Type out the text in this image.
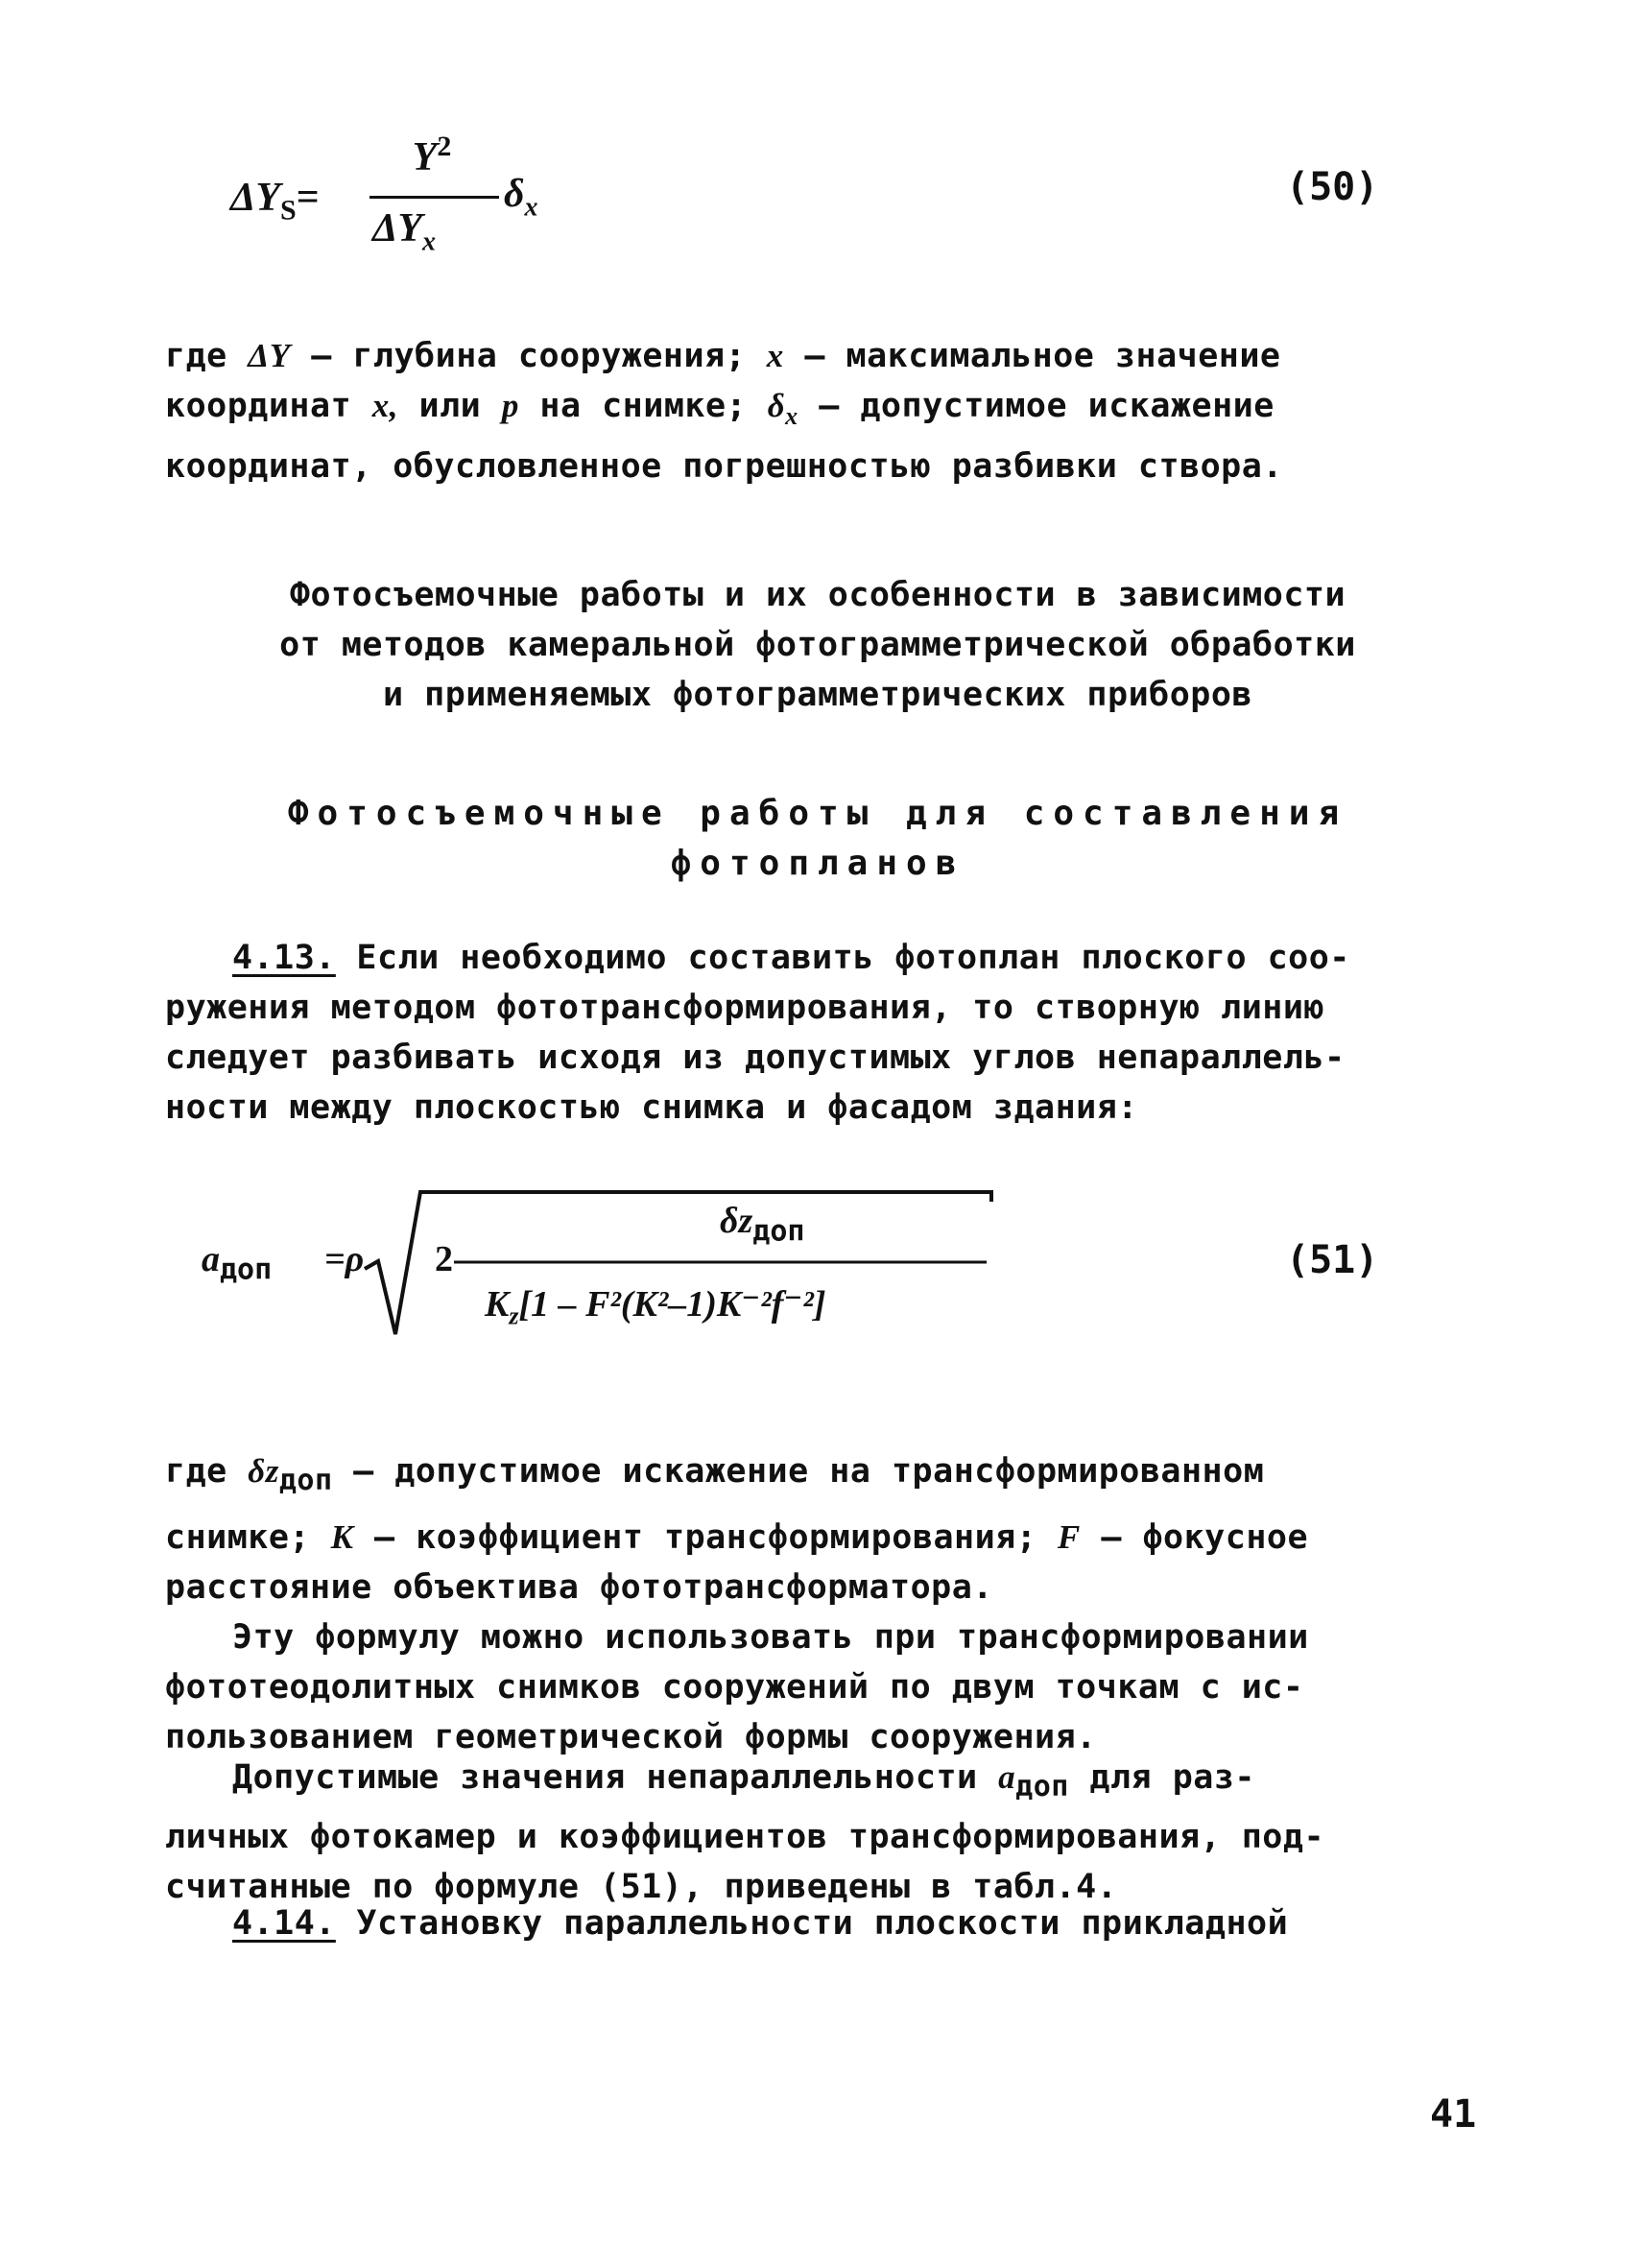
$\Delta Y_S=$
$Y^2$
$\Delta Y_x$
$\delta_x$	(50)
где ΔY – глубина сооружения; x – максимальное значение
координат x, или p на снимке; $\delta_x$ – допустимое искажение
координат, обусловленное погрешностью разбивки створа.
Фотосъемочные работы и их особенности в зависимости
от методов камеральной фотограмметрической обработки
и применяемых фотограмметрических приборов
Фотосъемочные работы для составления
фотопланов
4.13. Если необходимо составить фотоплан плоского соо-
ружения методом фототрансформирования, то створную линию
следует разбивать исходя из допустимых углов непараллель-
ности между плоскостью снимка и фасадом здания:
$a_{доп} =\rho$ 2
$\delta z_{доп}$
$K_z[1 - F^2(K^2-1)K^{-2}f^{-2}]$
(51)
где $\delta z_{доп}$ – допустимое искажение на трансформированном
снимке; K – коэффициент трансформирования; F – фокусное
расстояние объектива фототрансформатора.
Эту формулу можно использовать при трансформировании
фототеодолитных снимков сооружений по двум точкам с ис-
пользованием геометрической формы сооружения.
Допустимые значения непараллельности $a_{доп}$ для раз-
личных фотокамер и коэффициентов трансформирования, под-
считанные по формуле (51), приведены в табл.4.
4.14. Установку параллельности плоскости прикладной
41
